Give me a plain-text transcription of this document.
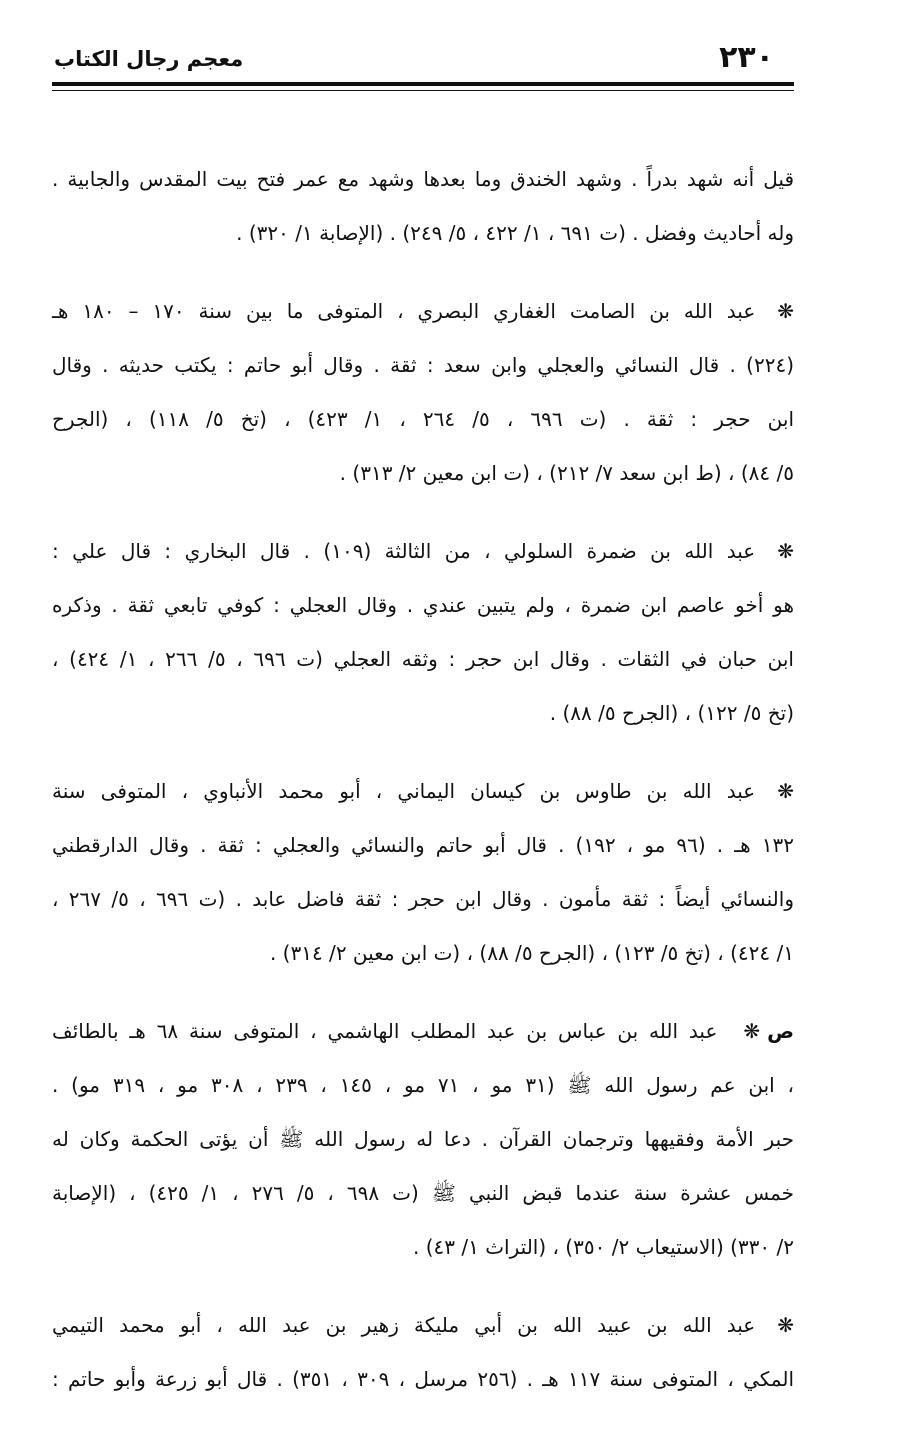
٢٣٠
معجم رجال الكتاب
قيل أنه شهد بدراً . وشهد الخندق وما بعدها وشهد مع عمر فتح بيت المقدس والجابية .
وله أحاديث وفضل . (ت ٦٩١ ، ١/ ٤٢٢ ، ٥/ ٢٤٩) . (الإصابة ١/ ٣٢٠) .
❋عبد الله بن الصامت الغفاري البصري ، المتوفى ما بين سنة ١٧٠ – ١٨٠ هـ
(٢٢٤) . قال النسائي والعجلي وابن سعد : ثقة . وقال أبو حاتم : يكتب حديثه . وقال
ابن حجر : ثقة . (ت ٦٩٦ ، ٥/ ٢٦٤ ، ١/ ٤٢٣) ، (تخ ٥/ ١١٨) ، (الجرح
٥/ ٨٤) ، (ط ابن سعد ٧/ ٢١٢) ، (ت ابن معين ٢/ ٣١٣) .
❋عبد الله بن ضمرة السلولي ، من الثالثة (١٠٩) . قال البخاري : قال علي :
هو أخو عاصم ابن ضمرة ، ولم يتبين عندي . وقال العجلي : كوفي تابعي ثقة . وذكره
ابن حبان في الثقات . وقال ابن حجر : وثقه العجلي (ت ٦٩٦ ، ٥/ ٢٦٦ ، ١/ ٤٢٤) ،
(تخ ٥/ ١٢٢) ، (الجرح ٥/ ٨٨) .
❋عبد الله بن طاوس بن كيسان اليماني ، أبو محمد الأنباوي ، المتوفى سنة
١٣٢ هـ . (٩٦ مو ، ١٩٢) . قال أبو حاتم والنسائي والعجلي : ثقة . وقال الدارقطني
والنسائي أيضاً : ثقة مأمون . وقال ابن حجر : ثقة فاضل عابد . (ت ٦٩٦ ، ٥/ ٢٦٧ ،
١/ ٤٢٤) ، (تخ ٥/ ١٢٣) ، (الجرح ٥/ ٨٨) ، (ت ابن معين ٢/ ٣١٤) .
ص ❋عبد الله بن عباس بن عبد المطلب الهاشمي ، المتوفى سنة ٦٨ هـ بالطائف
، ابن عم رسول الله ﷺ (٣١ مو ، ٧١ مو ، ١٤٥ ، ٢٣٩ ، ٣٠٨ مو ، ٣١٩ مو) .
حبر الأمة وفقيهها وترجمان القرآن . دعا له رسول الله ﷺ أن يؤتى الحكمة وكان له
خمس عشرة سنة عندما قبض النبي ﷺ (ت ٦٩٨ ، ٥/ ٢٧٦ ، ١/ ٤٢٥) ، (الإصابة
٢/ ٣٣٠) (الاستيعاب ٢/ ٣٥٠) ، (التراث ١/ ٤٣) .
❋عبد الله بن عبيد الله بن أبي مليكة زهير بن عبد الله ، أبو محمد التيمي
المكي ، المتوفى سنة ١١٧ هـ . (٢٥٦ مرسل ، ٣٠٩ ، ٣٥١) . قال أبو زرعة وأبو حاتم :
